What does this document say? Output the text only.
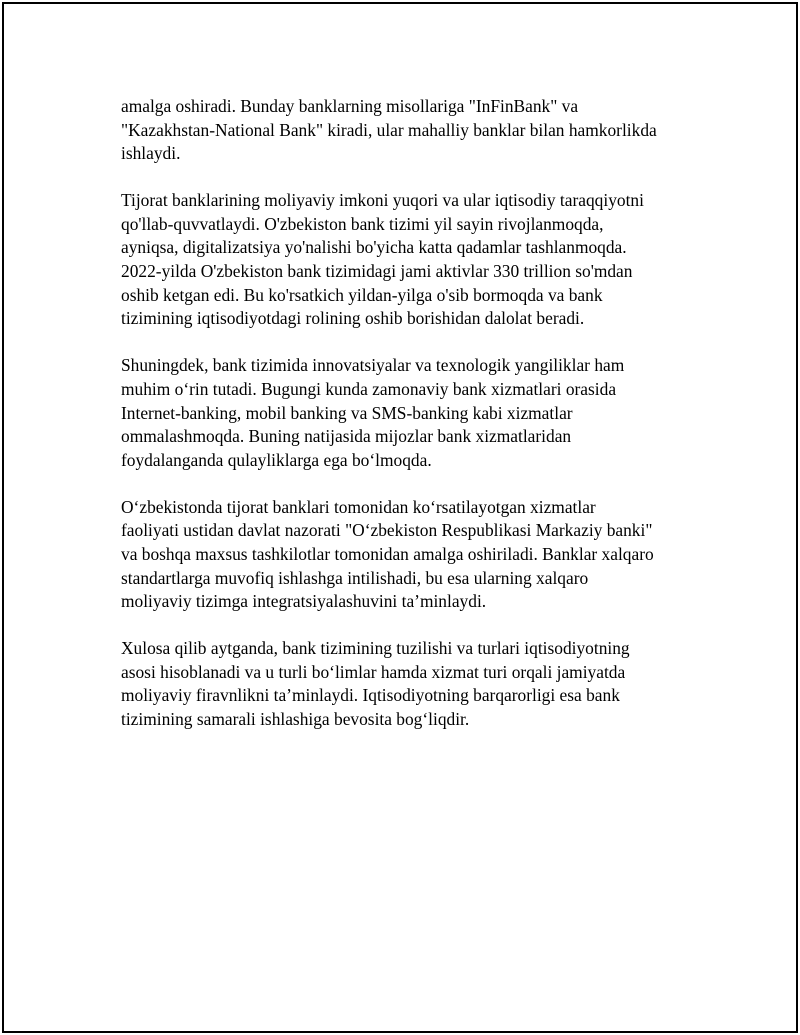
amalga oshiradi. Bunday banklarning misollariga "InFinBank" va
"Kazakhstan-National Bank" kiradi, ular mahalliy banklar bilan hamkorlikda
ishlaydi.

Tijorat banklarining moliyaviy imkoni yuqori va ular iqtisodiy taraqqiyotni
qo'llab-quvvatlaydi. O'zbekiston bank tizimi yil sayin rivojlanmoqda,
ayniqsa, digitalizatsiya yo'nalishi bo'yicha katta qadamlar tashlanmoqda.
2022-yilda O'zbekiston bank tizimidagi jami aktivlar 330 trillion so'mdan
oshib ketgan edi. Bu ko'rsatkich yildan-yilga o'sib bormoqda va bank
tizimining iqtisodiyotdagi rolining oshib borishidan dalolat beradi.

Shuningdek, bank tizimida innovatsiyalar va texnologik yangiliklar ham
muhim o‘rin tutadi. Bugungi kunda zamonaviy bank xizmatlari orasida
Internet-banking, mobil banking va SMS-banking kabi xizmatlar
ommalashmoqda. Buning natijasida mijozlar bank xizmatlaridan
foydalanganda qulayliklarga ega bo‘lmoqda.

O‘zbekistonda tijorat banklari tomonidan ko‘rsatilayotgan xizmatlar
faoliyati ustidan davlat nazorati "O‘zbekiston Respublikasi Markaziy banki"
va boshqa maxsus tashkilotlar tomonidan amalga oshiriladi. Banklar xalqaro
standartlarga muvofiq ishlashga intilishadi, bu esa ularning xalqaro
moliyaviy tizimga integratsiyalashuvini ta’minlaydi.

Xulosa qilib aytganda, bank tizimining tuzilishi va turlari iqtisodiyotning
asosi hisoblanadi va u turli bo‘limlar hamda xizmat turi orqali jamiyatda
moliyaviy firavnlikni ta’minlaydi. Iqtisodiyotning barqarorligi esa bank
tizimining samarali ishlashiga bevosita bog‘liqdir.
